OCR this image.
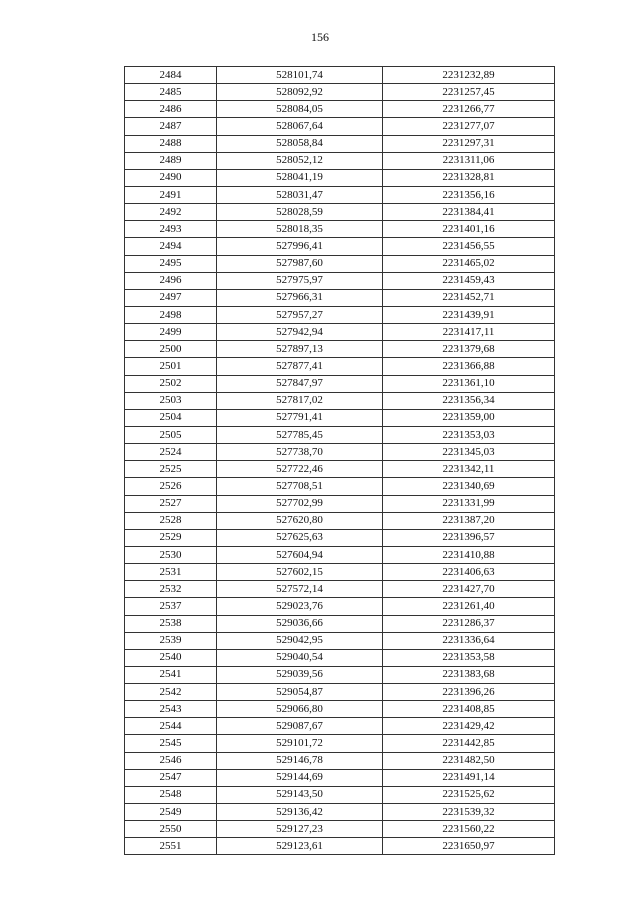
156
2484	528101,74	2231232,89
2485	528092,92	2231257,45
2486	528084,05	2231266,77
2487	528067,64	2231277,07
2488	528058,84	2231297,31
2489	528052,12	2231311,06
2490	528041,19	2231328,81
2491	528031,47	2231356,16
2492	528028,59	2231384,41
2493	528018,35	2231401,16
2494	527996,41	2231456,55
2495	527987,60	2231465,02
2496	527975,97	2231459,43
2497	527966,31	2231452,71
2498	527957,27	2231439,91
2499	527942,94	2231417,11
2500	527897,13	2231379,68
2501	527877,41	2231366,88
2502	527847,97	2231361,10
2503	527817,02	2231356,34
2504	527791,41	2231359,00
2505	527785,45	2231353,03
2524	527738,70	2231345,03
2525	527722,46	2231342,11
2526	527708,51	2231340,69
2527	527702,99	2231331,99
2528	527620,80	2231387,20
2529	527625,63	2231396,57
2530	527604,94	2231410,88
2531	527602,15	2231406,63
2532	527572,14	2231427,70
2537	529023,76	2231261,40
2538	529036,66	2231286,37
2539	529042,95	2231336,64
2540	529040,54	2231353,58
2541	529039,56	2231383,68
2542	529054,87	2231396,26
2543	529066,80	2231408,85
2544	529087,67	2231429,42
2545	529101,72	2231442,85
2546	529146,78	2231482,50
2547	529144,69	2231491,14
2548	529143,50	2231525,62
2549	529136,42	2231539,32
2550	529127,23	2231560,22
2551	529123,61	2231650,97
